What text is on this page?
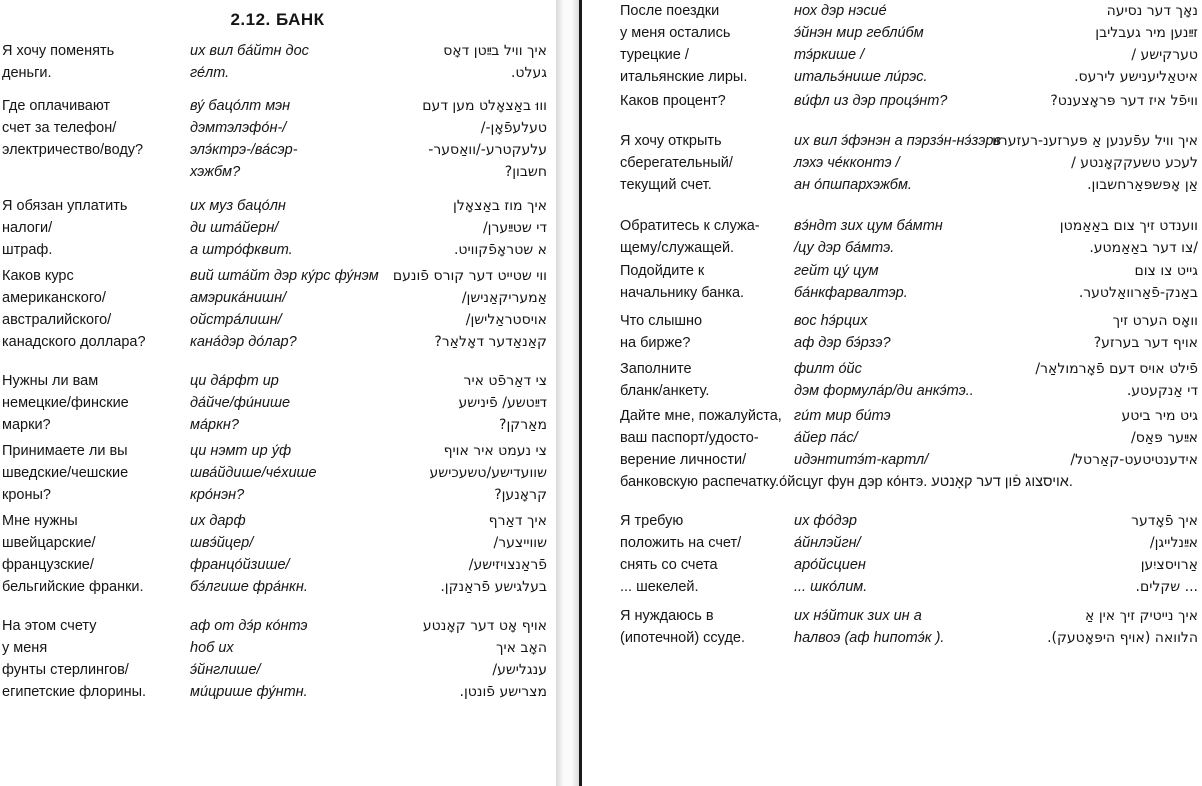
2.12. БАНК
Я хочу поменять
деньги.
их вил ба́йтн дос
ге́лт.
איך וויל בײַטן דאָס
געלט.
Где оплачивают
счет за телефон/
электричество/воду?
ву́ бацо́лт мэн
дэмтэлэфо́н-/
элэ́ктрэ-/ва́сэр-
хэжбм?
וווּ באַצאָלט מען דעם
טעלעפֿאָן-/
עלעקטרע-/וואַסער-
חשבון?
Я обязан уплатить
налоги/
штраф.
их муз бацо́лн
ди шта́йерн/
а штро́фквит.
איך מוז באַצאָלן
די שטײַערן/
א שטראָפֿקוויט.
Каков курс
американского/
австралийского/
канадского доллара?
вий шта́йт дэр ку́рс фу́нэм
амэрика́нишн/
ойстра́лишн/
кана́дэр до́лар?
ווי שטייט דער קורס פֿונעם
אַמעריקאַנישן/
אויסטראַלישן/
קאַנאַדער דאָלאַר?
Нужны ли вам
немецкие/финские
марки?
ци да́рфт ир
да́йче/фи́нише
ма́ркн?
צי דאַרפֿט איר
דײַטשע/ פֿינישע
מאַרקן?
Принимаете ли вы
шведские/чешские
кроны?
ци нэмт ир у́ф
шва́йдише/че́хише
кро́нэн?
צי נעמט איר אויף
שוועדישע/טשעכישע
קראָנען?
Мне нужны
швейцарские/
французские/
бельгийские франки.
их дарф
швэ́йцер/
францо́йзише/
бэ́лгише фра́нкн.
איך דאַרף
שווייצער/
פֿראַנצויזישע/
בעלגישע פֿראַנקן.
На этом счету
у меня
фунты стерлингов/
египетские флорины.
аф от дэ́р ко́нтэ
hоб их
э́йнглише/
ми́црише фу́нтн.
אויף אָט דער קאָנטע
האָב איך
ענגלישע/
מצרישע פֿונטן.
После поездки
у меня остались
турецкие /
итальянские лиры.
нох дэр нэсие́
э́йнэн мир гебли́бм
тэ́ркише /
итальэ́нише ли́рэс.
נאָך דער נסיעה
זײַנען מיר געבליבן
טערקישע /
איטאַליענישע לירעס.
Каков процент?	ви́фл из дэр процэ́нт?	וויפֿל איז דער פּראָצענט?
Я хочу открыть
сберегательный/
текущий счет.
их вил э́фэнэн а пэрзэ́н-нэ́зэрв
лэхэ че́кконтэ /
ан о́пшпархэжбм.
איך וויל עפֿענען אַ פּערזענ-רעזערוו
לעכע טשעקקאָנטע /
אַן אָפּשפּאַרחשבון.
Обратитесь к служа-
щему/служащей.
вэ́ндт зих цум ба́мтн
/цу дэр ба́мтэ.
ווענדט זיך צום באַאַמטן
/צו דער באַאַמטע.
Подойдите к
начальнику банка.
гейт цу́ цум
ба́нкфарвалтэр.
גייט צו צום
באַנק-פֿאַרוואַלטער.
Что слышно
на бирже?
вос hэ́рцих
аф дэр бэ́рзэ?
וואָס הערט זיך
אויף דער בערזע?
Заполните
бланк/анкету.
филт о́йс
дэм формула́р/ди анкэ́тэ..
פֿילט אויס דעם פֿאָרמולאַר/
די אַנקעטע.
Дайте мне, пожалуйста,
ваш паспорт/удосто-
верение личности/
ги́т мир би́тэ
а́йер па́с/
идэнтитэ́т-картл/
גיט מיר ביטע
אײַער פּאַס/
אידענטיטעט-קאַרטל/
Я требую
положить на счет/
снять со счета
... шекелей.
их фо́дэр
а́йнлэйгн/
аро́йсциен
... шко́лим.
איך פֿאָדער
אײַנלייגן/
אַרויסציִען
... שקלים.
Я нуждаюсь в
(ипотечной) ссуде.
их нэ́йтик зих ин а
hалвоэ (аф hипотэ́к ).
איך נייטיק זיך אין אַ
הלוואה (אויף היפּאָטעק).
банковскую распечатку.о́йсцуг фун дэр ко́нтэ. אויסצוג פֿון דער קאָנטע.
